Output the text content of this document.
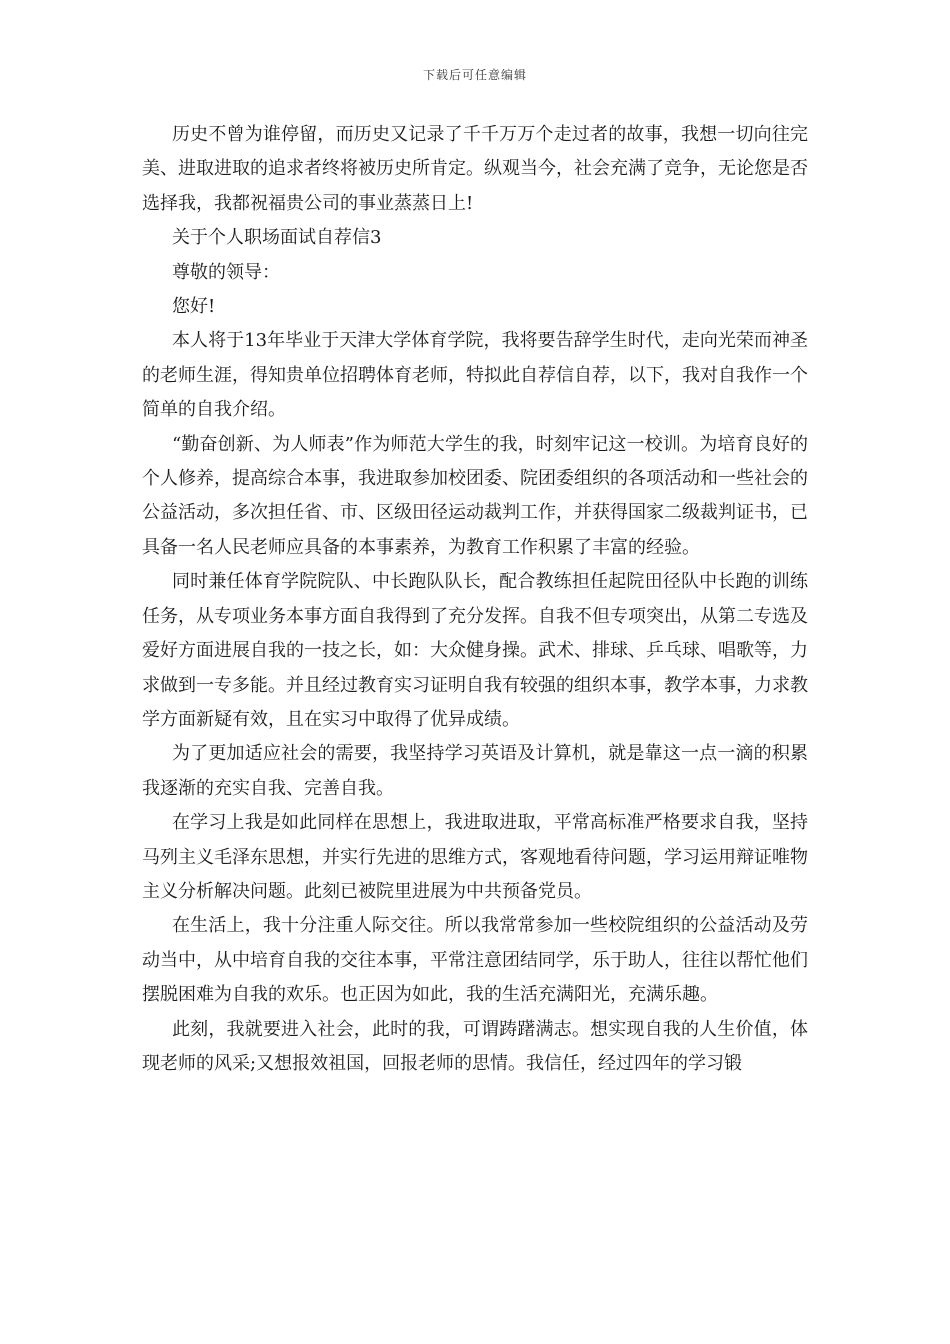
下载后可任意编辑

历史不曾为谁停留，而历史又记录了千千万万个走过者的故事，我想一切向往完美、进取进取的追求者终将被历史所肯定。纵观当今，社会充满了竞争，无论您是否选择我，我都祝福贵公司的事业蒸蒸日上!

关于个人职场面试自荐信3

尊敬的领导：

您好!

本人将于13年毕业于天津大学体育学院，我将要告辞学生时代，走向光荣而神圣的老师生涯，得知贵单位招聘体育老师，特拟此自荐信自荐，以下，我对自我作一个简单的自我介绍。

“勤奋创新、为人师表”作为师范大学生的我，时刻牢记这一校训。为培育良好的个人修养，提高综合本事，我进取参加校团委、院团委组织的各项活动和一些社会的公益活动，多次担任省、市、区级田径运动裁判工作，并获得国家二级裁判证书，已具备一名人民老师应具备的本事素养，为教育工作积累了丰富的经验。

同时兼任体育学院院队、中长跑队队长，配合教练担任起院田径队中长跑的训练任务，从专项业务本事方面自我得到了充分发挥。自我不但专项突出，从第二专选及爱好方面进展自我的一技之长，如：大众健身操。武术、排球、乒乓球、唱歌等，力求做到一专多能。并且经过教育实习证明自我有较强的组织本事，教学本事，力求教学方面新疑有效，且在实习中取得了优异成绩。

为了更加适应社会的需要，我坚持学习英语及计算机，就是靠这一点一滴的积累我逐渐的充实自我、完善自我。

在学习上我是如此同样在思想上，我进取进取，平常高标准严格要求自我，坚持马列主义毛泽东思想，并实行先进的思维方式，客观地看待问题，学习运用辩证唯物主义分析解决问题。此刻已被院里进展为中共预备党员。

在生活上，我十分注重人际交往。所以我常常参加一些校院组织的公益活动及劳动当中，从中培育自我的交往本事，平常注意团结同学，乐于助人，往往以帮忙他们摆脱困难为自我的欢乐。也正因为如此，我的生活充满阳光，充满乐趣。

此刻，我就要进入社会，此时的我，可谓踌躇满志。想实现自我的人生价值，体现老师的风采;又想报效祖国，回报老师的思情。我信任，经过四年的学习锻
